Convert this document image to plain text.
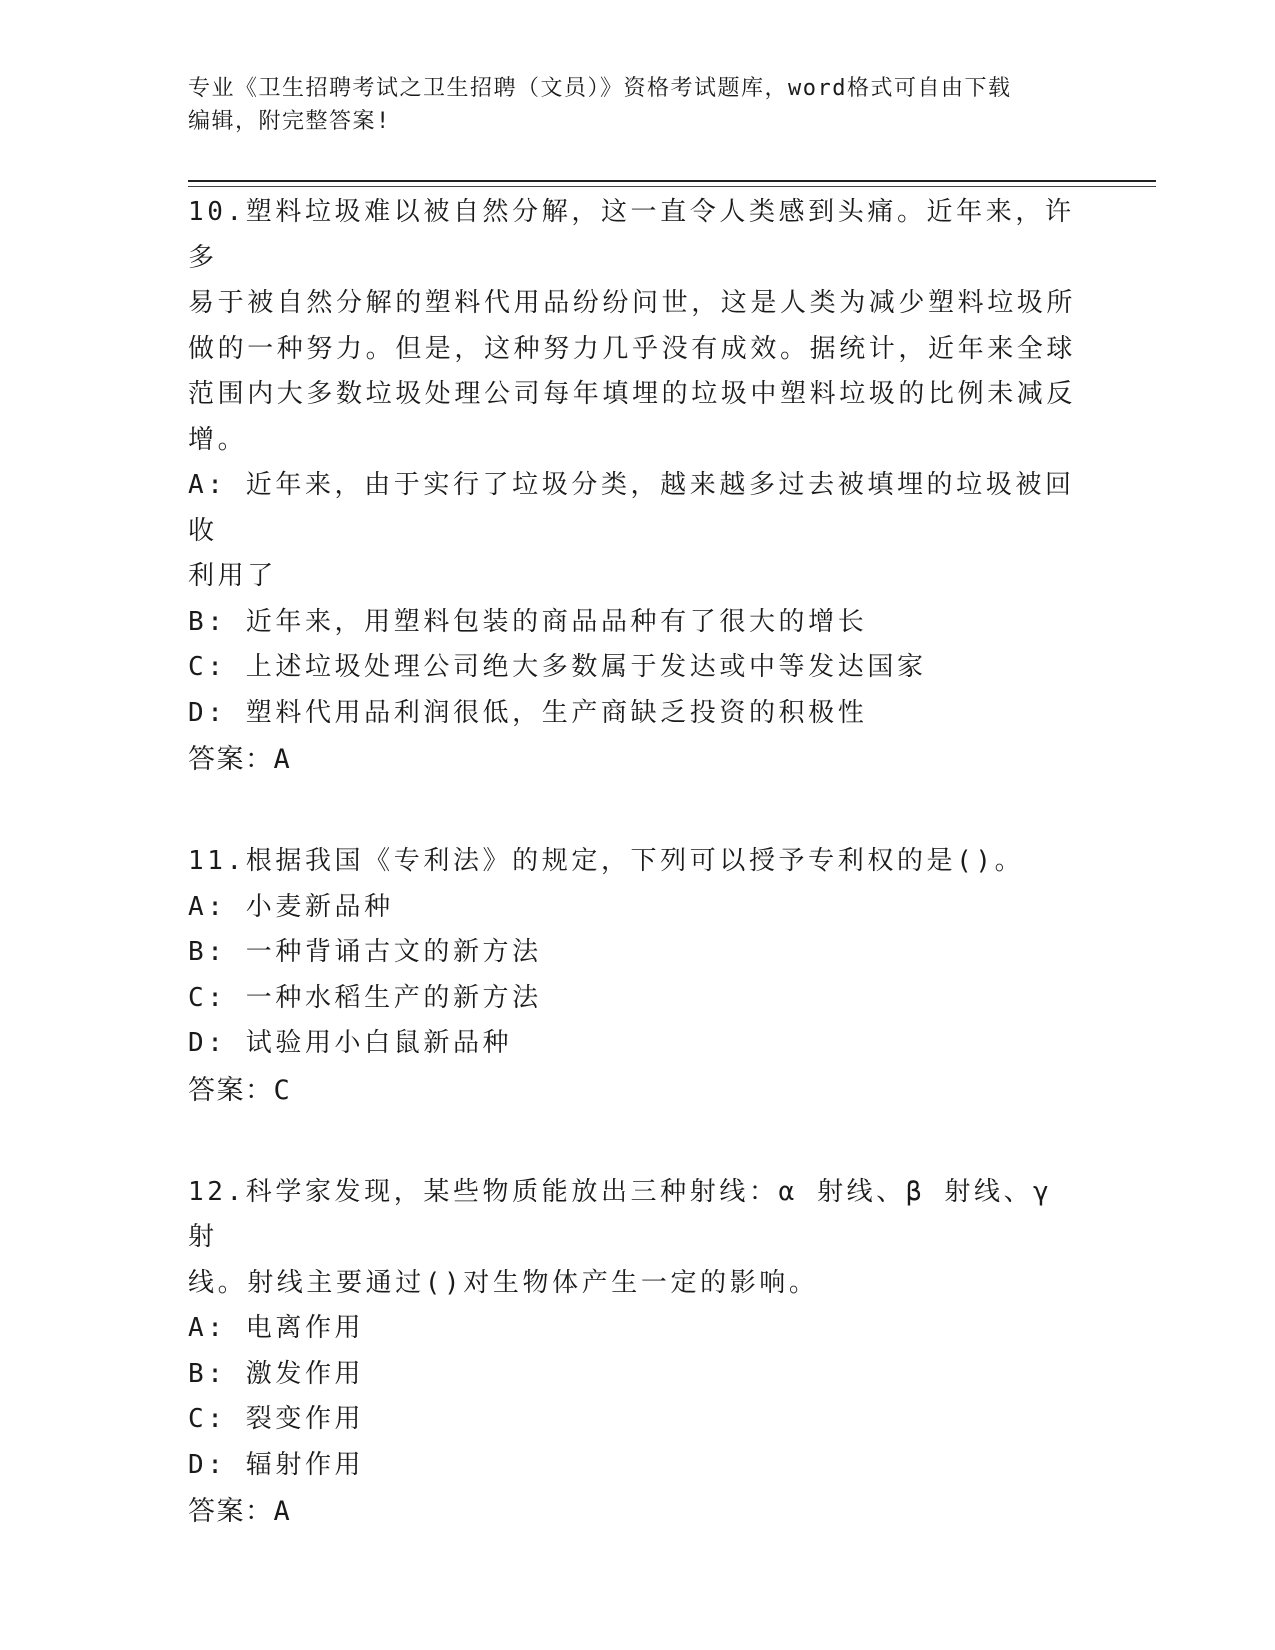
专业《卫生招聘考试之卫生招聘（文员）》资格考试题库，word格式可自由下载
编辑，附完整答案!
10.塑料垃圾难以被自然分解，这一直令人类感到头痛。近年来，许多
易于被自然分解的塑料代用品纷纷问世，这是人类为减少塑料垃圾所
做的一种努力。但是，这种努力几乎没有成效。据统计，近年来全球
范围内大多数垃圾处理公司每年填埋的垃圾中塑料垃圾的比例未减反
增。
A: 近年来，由于实行了垃圾分类，越来越多过去被填埋的垃圾被回收
利用了
B: 近年来，用塑料包装的商品品种有了很大的增长
C: 上述垃圾处理公司绝大多数属于发达或中等发达国家
D: 塑料代用品利润很低，生产商缺乏投资的积极性
答案：A
11.根据我国《专利法》的规定，下列可以授予专利权的是()。
A: 小麦新品种
B: 一种背诵古文的新方法
C: 一种水稻生产的新方法
D: 试验用小白鼠新品种
答案：C
12.科学家发现，某些物质能放出三种射线：α 射线、β 射线、γ 射
线。射线主要通过()对生物体产生一定的影响。
A: 电离作用
B: 激发作用
C: 裂变作用
D: 辐射作用
答案：A
